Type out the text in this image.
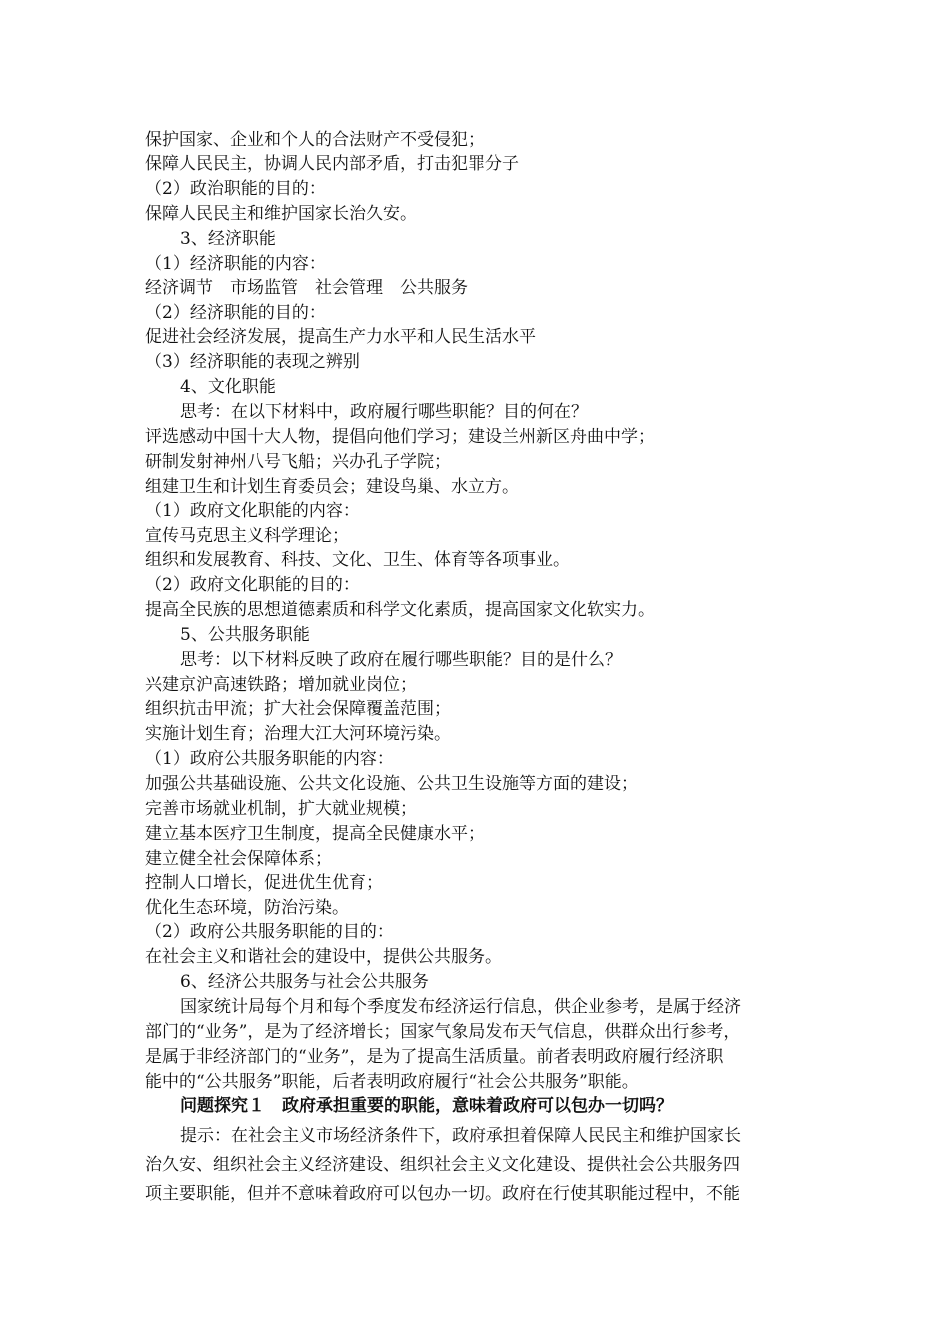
保护国家、企业和个人的合法财产不受侵犯；
保障人民民主，协调人民内部矛盾，打击犯罪分子
（2）政治职能的目的：
保障人民民主和维护国家长治久安。
3、经济职能
（1）经济职能的内容：
经济调节　市场监管　社会管理　公共服务
（2）经济职能的目的：
促进社会经济发展，提高生产力水平和人民生活水平
（3）经济职能的表现之辨别
4、文化职能
思考：在以下材料中，政府履行哪些职能？目的何在？
评选感动中国十大人物，提倡向他们学习；建设兰州新区舟曲中学；
研制发射神州八号飞船；兴办孔子学院；
组建卫生和计划生育委员会；建设鸟巢、水立方。
（1）政府文化职能的内容：
宣传马克思主义科学理论；
组织和发展教育、科技、文化、卫生、体育等各项事业。
（2）政府文化职能的目的：
提高全民族的思想道德素质和科学文化素质，提高国家文化软实力。
5、公共服务职能
思考：以下材料反映了政府在履行哪些职能？目的是什么？
兴建京沪高速铁路；增加就业岗位；
组织抗击甲流；扩大社会保障覆盖范围；
实施计划生育；治理大江大河环境污染。
（1）政府公共服务职能的内容：
加强公共基础设施、公共文化设施、公共卫生设施等方面的建设；
完善市场就业机制，扩大就业规模；
建立基本医疗卫生制度，提高全民健康水平；
建立健全社会保障体系；
控制人口增长，促进优生优育；
优化生态环境，防治污染。
（2）政府公共服务职能的目的：
在社会主义和谐社会的建设中，提供公共服务。
6、经济公共服务与社会公共服务
国家统计局每个月和每个季度发布经济运行信息，供企业参考，是属于经济
部门的“业务”，是为了经济增长；国家气象局发布天气信息，供群众出行参考，
是属于非经济部门的“业务”，是为了提高生活质量。前者表明政府履行经济职
能中的“公共服务”职能，后者表明政府履行“社会公共服务”职能。
问题探究１　政府承担重要的职能，意味着政府可以包办一切吗？
提示：在社会主义市场经济条件下，政府承担着保障人民民主和维护国家长
治久安、组织社会主义经济建设、组织社会主义文化建设、提供社会公共服务四
项主要职能，但并不意味着政府可以包办一切。政府在行使其职能过程中，不能
